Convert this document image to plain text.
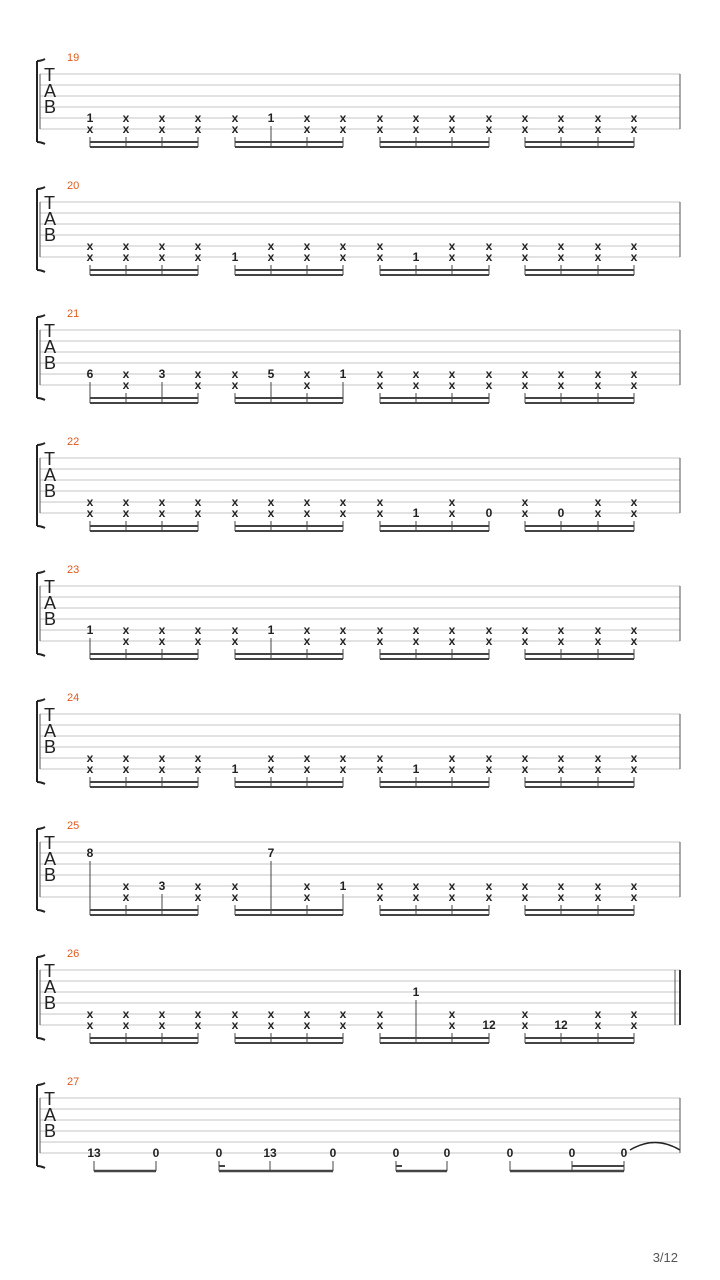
19
T
A
B
1
x
x
x
x
x
x
x
x
x
1 x
x
x
x
x
x
x
x
x
x
x
x
x
x
x
x
x
x
x
x
20
T
A
B
x
x
x
x
x
x
x
x	1
x
x
x
x
x
x
x
x 1
x
x
x
x
x
x
x
x
x
x
x
x
21
T
A
B
6 x
x
3 x
x
x
x
5 x
x
1	x
x
x
x
x
x
x
x
x
x
x
x
x
x
x
x
22
T
A
B
x
x
x
x
x
x
x
x
x
x
x
x
x
x
x
x
x
x 1
x
x	0
x
x 0
x
x
x
x
23
T
A
B
1 x
x
x
x
x
x
x
x
1 x
x
x
x
x
x
x
x
x
x
x
x
x
x
x
x
x
x
x
x
24
T
A
B
x
x
x
x
x
x
x
x	1
x
x
x
x
x
x
x
x 1
x
x
x
x
x
x
x
x
x
x
x
x
25
T
A
B
8
x
x
3 x
x
x
x
7
x
x
1	x
x
x
x
x
x
x
x
x
x
x
x
x
x
x
x
26
T
A
B
x
x
x
x
x
x
x
x
x
x
x
x
x
x
x
x
x
x
1
x
x 12
x
x 12
x
x
x
x
27
T
A
B
13	0	0	13	0	0	0	0	0	0
3/12
